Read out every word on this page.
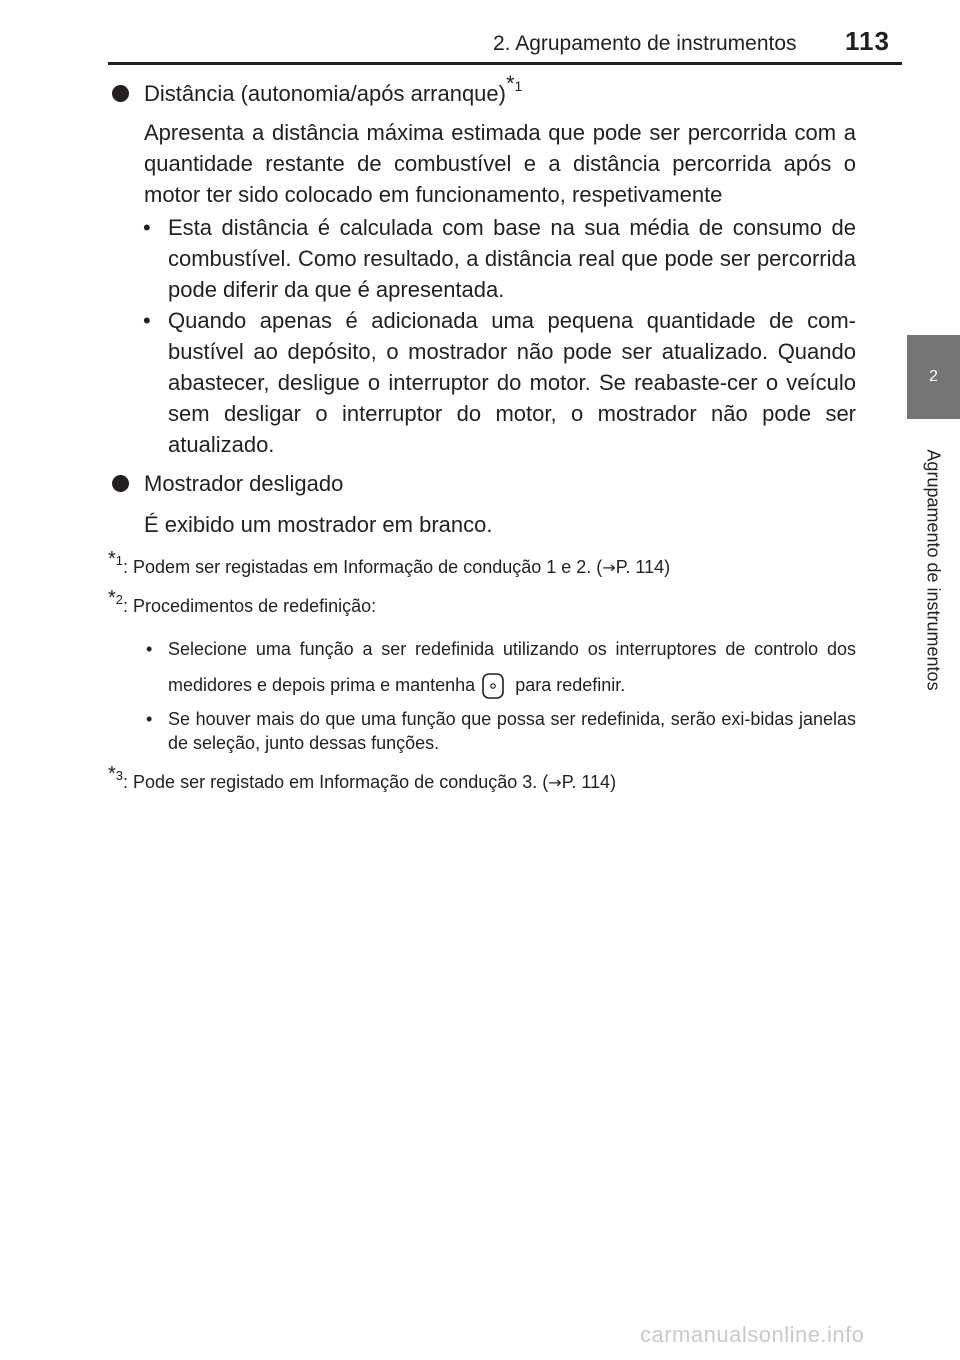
2. Agrupamento de instrumentos 113
2
Agrupamento de instrumentos
Distância (autonomia/após arranque)$^{*1}$

Apresenta a distância máxima estimada que pode ser percorrida com a quantidade restante de combustível e a distância percorrida após o motor ter sido colocado em funcionamento, respetivamente

• Esta distância é calculada com base na sua média de consumo de combustível. Como resultado, a distância real que pode ser percorrida pode diferir da que é apresentada.
• Quando apenas é adicionada uma pequena quantidade de com-bustível ao depósito, o mostrador não pode ser atualizado. Quando abastecer, desligue o interruptor do motor. Se reabaste-cer o veículo sem desligar o interruptor do motor, o mostrador não pode ser atualizado.
Mostrador desligado

É exibido um mostrador em branco.

$^{*1}$: Podem ser registadas em Informação de condução 1 e 2. (→P. 114)
$^{*2}$: Procedimentos de redefinição:
• Selecione uma função a ser redefinida utilizando os interruptores de controlo dos medidores e depois prima e mantenha para redefinir.
• Se houver mais do que uma função que possa ser redefinida, serão exi-bidas janelas de seleção, junto dessas funções.
$^{*3}$: Pode ser registado em Informação de condução 3. (→P. 114)
carmanualsonline.info
